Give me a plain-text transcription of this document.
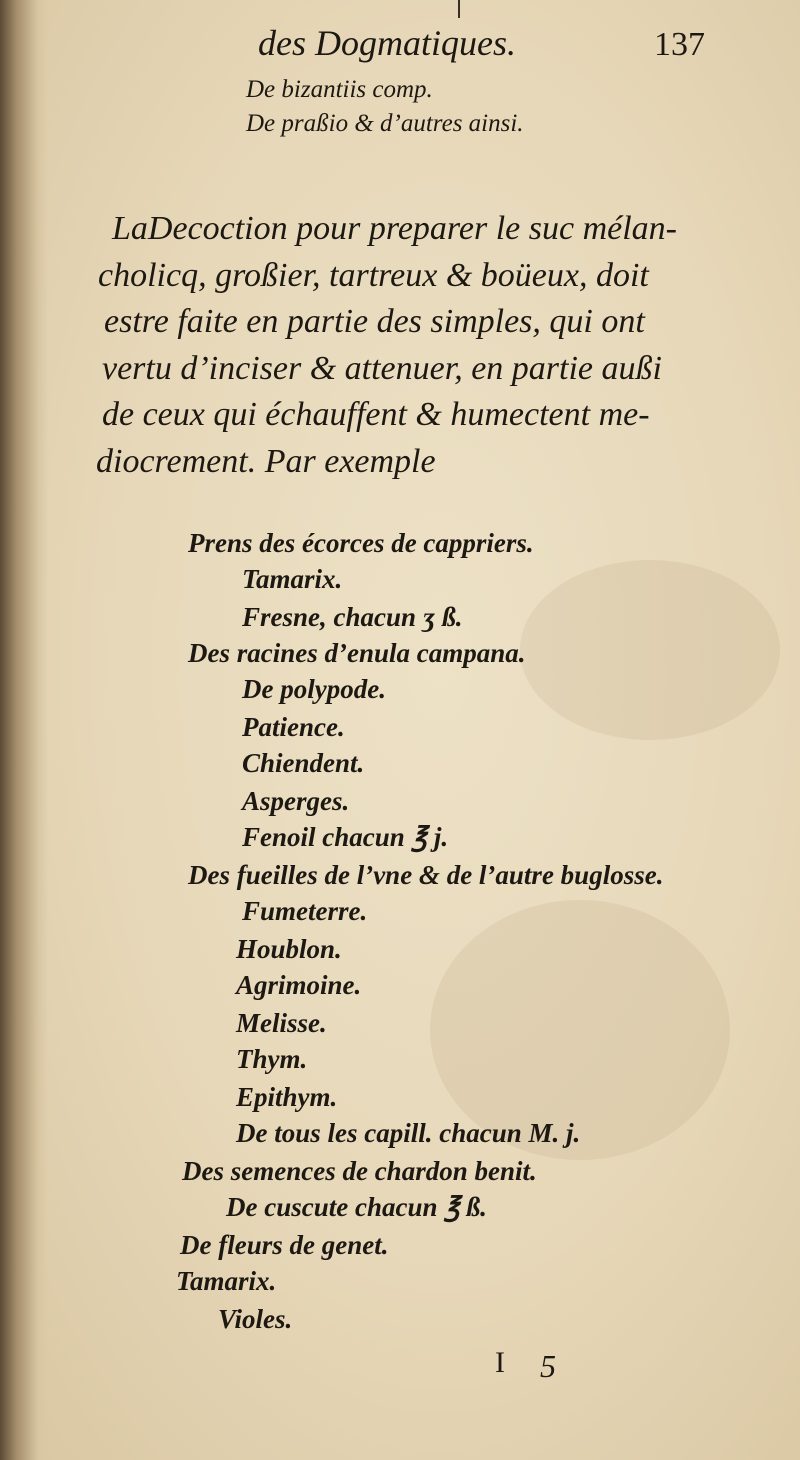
des Dogmatiques.	137
De bizantiis comp.
De praßio & d’autres ainsi.
LaDecoction pour preparer le suc mélan-
cholicq, großier, tartreux & boüeux, doit
estre faite en partie des simples, qui ont
vertu d’inciser & attenuer, en partie außi
de ceux qui échauffent & humectent me-
diocrement. Par exemple
Prens des écorces de cappriers.
Tamarix.
Fresne, chacun ʒ ß.
Des racines d’enula campana.
De polypode.
Patience.
Chiendent.
Asperges.
Fenoil chacun ℥ j.
Des fueilles de l’vne & de l’autre buglosse.
Fumeterre.
Houblon.
Agrimoine.
Melisse.
Thym.
Epithym.
De tous les capill. chacun M. j.
Des semences de chardon benit.
De cuscute chacun ℥ ß.
De fleurs de genet.
Tamarix.
Violes.
I 5
